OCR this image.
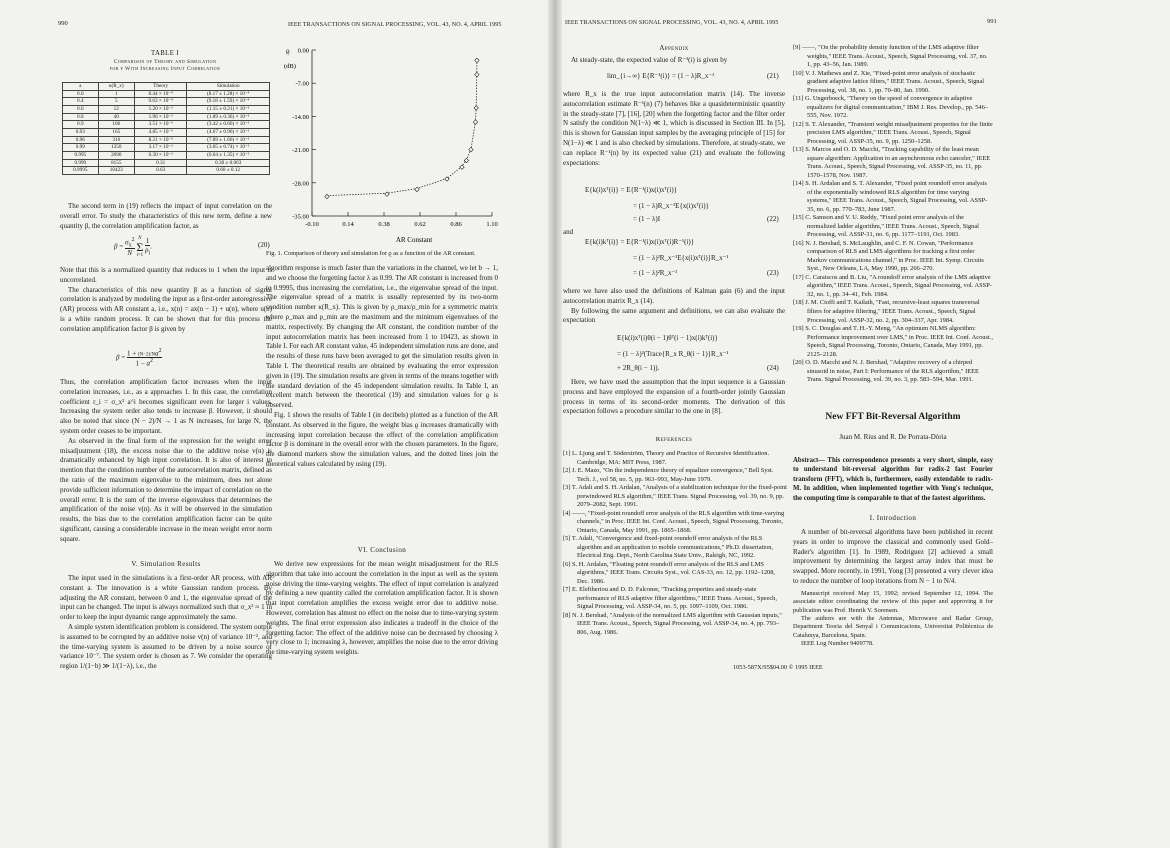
990	IEEE TRANSACTIONS ON SIGNAL PROCESSING, VOL. 43, NO. 4, APRIL 1995
TABLE I
Comparison of Theory and Simulation
for ϱ With Increasing Input Correlation
a	κ(R_x)	Theory	Simulation
0.0	1	8.44 × 10⁻⁴	(8.17 ± 1.28) × 10⁻⁴
0.4	5	9.63 × 10⁻⁴	(9.18 ± 1.59) × 10⁻⁴
0.6	12	1.20 × 10⁻³	(1.15 ± 0.21) × 10⁻³
0.8	40	1.96 × 10⁻³	(1.89 ± 0.36) × 10⁻³
0.9	106	3.51 × 10⁻³	(3.42 ± 0.66) × 10⁻³
0.93	165	4.85 × 10⁻³	(4.67 ± 0.96) × 10⁻³
0.96	316	8.21 × 10⁻³	(7.89 ± 1.66) × 10⁻³
0.99	1350	3.17 × 10⁻²	(3.05 ± 0.74) × 10⁻²
0.995	2690	6.30 × 10⁻²	(6.04 ± 1.35) × 10⁻²
0.999	8155	0.31	0.30 ± 0.063
0.9995	10423	0.63	0.60 ± 0.12
ϱ
(dB)
0.00
-7.00
-14.00
-21.00
-28.00
-35.00
-0.10	0.14	0.38	0.62	0.86	1.10
AR Constant
Fig. 1. Comparison of theory and simulation for ϱ as a function of the AR constant.

The second term in (19) reflects the impact of input correlation on the overall error. To study the characteristics of this new term, define a new quantity β, the correlation amplification factor, as

$\beta = \frac{\sigma_x^2}{N}$
N
Σ
i=1
$\frac{1}{\rho_i}$ .	(20)

Note that this is a normalized quantity that reduces to 1 when the input is uncorrelated.

The characteristics of this new quantity β as a function of signal correlation is analyzed by modeling the input as a first-order autoregressive (AR) process with AR constant a, i.e., x(n) = ax(n − 1) + u(n), where u(n) is a white random process. It can be shown that for this process the correlation amplification factor β is given by

$\beta = \frac{1 + (N-2)/Na^2}{1 - a^2}$

Thus, the correlation amplification factor increases when the input correlation increases, i.e., as a approaches 1. In this case, the correlation coefficient r_i = σ_x² a^i becomes significant even for larger i values. Increasing the system order also tends to increase β. However, it should also be noted that since (N − 2)/N → 1 as N increases, for large N, the system order ceases to be important.

As observed in the final form of the expression for the weight error misadjustment (18), the excess noise due to the additive noise v(n) is dramatically enhanced by high input correlation. It is also of interest to mention that the condition number of the autocorrelation matrix, defined as the ratio of the maximum eigenvalue to the minimum, does not alone provide sufficient information to determine the impact of correlation on the overall error. It is the sum of the inverse eigenvalues that determines the amplification of the noise v(n). As it will be observed in the simulation results, the bias due to the correlation amplification factor can be quite significant, causing a considerable increase in the mean weight error norm square.

V. Simulation Results

The input used in the simulations is a first-order AR process, with AR constant a. The innovation is a white Gaussian random process. By adjusting the AR constant, between 0 and 1, the eigenvalue spread of the input can be changed. The input is always normalized such that σ_x² ≈ 1 in order to keep the input dynamic range approximately the same.

A simple system identification problem is considered. The system output is assumed to be corrupted by an additive noise v(n) of variance 10⁻², and the time-varying system is assumed to be driven by a noise source of variance 10⁻⁷. The system order is chosen as 7. We consider the operating region 1/(1−b) ≫ 1/(1−λ), i.e., the

algorithm response is much faster than the variations in the channel, we let b → 1, and we choose the forgetting factor λ as 0.99. The AR constant is increased from 0 to 0.9995, thus increasing the correlation, i.e., the eigenvalue spread of the input. The eigenvalue spread of a matrix is usually represented by its two-norm condition number κ(R_x). This is given by ρ_max/ρ_min for a symmetric matrix where ρ_max and ρ_min are the maximum and the minimum eigenvalues of the matrix, respectively. By changing the AR constant, the condition number of the input autocorrelation matrix has been increased from 1 to 10423, as shown in Table I. For each AR constant value, 45 independent simulation runs are done, and the results of these runs have been averaged to get the simulation results given in Table I. The theoretical results are obtained by evaluating the error expression given in (19). The simulation results are given in terms of the means together with the standard deviation of the 45 independent simulation results. In Table I, an excellent match between the theoretical (19) and simulation values for ϱ is observed.

Fig. 1 shows the results of Table I (in decibels) plotted as a function of the AR constant. As observed in the figure, the weight bias ϱ increases dramatically with increasing input correlation because the effect of the correlation amplification factor β is dominant in the overall error with the chosen parameters. In the figure, the diamond markers show the simulation values, and the dotted lines join the theoretical values calculated by using (19).

VI. Conclusion

We derive new expressions for the mean weight misadjustment for the RLS algorithm that take into account the correlation in the input as well as the system noise driving the time-varying weights. The effect of input correlation is analyzed by defining a new quantity called the correlation amplification factor. It is shown that input correlation amplifies the excess weight error due to additive noise. However, correlation has almost no effect on the noise due to time-varying system weights. The final error expression also indicates a tradeoff in the choice of the forgetting factor: The effect of the additive noise can be decreased by choosing λ very close to 1; increasing λ, however, amplifies the noise due to the error driving the time-varying system weights.

IEEE TRANSACTIONS ON SIGNAL PROCESSING, VOL. 43, NO. 4, APRIL 1995	991
Appendix

At steady-state, the expected value of R⁻¹(i) is given by

lim_{i→∞} E{R⁻¹(i)} = (1 − λ)R_x⁻¹	(21)

where R_x is the true input autocorrelation matrix (14). The inverse autocorrelation estimate R⁻¹(n) (7) behaves like a quasideterministic quantity in the steady-state [7], [16], [20] when the forgetting factor and the filter order N satisfy the condition N(1−λ) ≪ 1, which is discussed in Section III. In [5], this is shown for Gaussian input samples by the averaging principle of [15] for N(1−λ) ≪ 1 and is also checked by simulations. Therefore, at steady-state, we can replace R⁻¹(n) by its expected value (21) and evaluate the following expectations:

E{k(i)xᵀ(i)} = E{R⁻¹(i)x(i)xᵀ(i)}
= (1 − λ)R_x⁻¹E{x(i)xᵀ(i)}
= (1 − λ)I	(22)
and
E{k(i)kᵀ(i)} = E{R⁻¹(i)x(i)xᵀ(i)R⁻¹(i)}
= (1 − λ)²R_x⁻¹E{x(i)xᵀ(i)}R_x⁻¹
= (1 − λ)²R_x⁻¹	(23)

where we have also used the definitions of Kalman gain (6) and the input autocorrelation matrix R_x (14).

By following the same argument and definitions, we can also evaluate the expectation

E{k(i)xᵀ(i)θ(i − 1)θᵀ(i − 1)x(i)kᵀ(i)}
= (1 − λ)²(Trace{R_x R_θ(i − 1)}R_x⁻¹
+ 2R_θ(i − 1)).	(24)

Here, we have used the assumption that the input sequence is a Gaussian process and have employed the expansion of a fourth-order jointly Gaussian process in terms of its second-order moments. The derivation of this expectation follows a procedure similar to the one in [8].

References
[1] L. Ljung and T. Söderström, Theory and Practice of Recursive Identification. Cambridge, MA: MIT Press, 1987.
[2] J. E. Mazo, "On the independence theory of equalizer convergence," Bell Syst. Tech. J., vol 58, no. 5, pp. 963–993, May-June 1979.
[3] T. Adali and S. H. Ardalan, "Analysis of a stabilization technique for the fixed-point prewindowed RLS algorithm," IEEE Trans. Signal Processing, vol. 39, no. 9, pp. 2079–2082, Sept. 1991.
[4] ——, "Fixed-point roundoff error analysis of the RLS algorithm with time-varying channels," in Proc. IEEE Int. Conf. Acoust., Speech, Signal Processing, Toronto, Ontario, Canada, May 1991, pp. 1865–1868.
[5] T. Adali, "Convergence and fixed-point roundoff error analysis of the RLS algorithm and an application to mobile communications," Ph.D. dissertation, Electrical Eng. Dept., North Carolina State Univ., Raleigh, NC, 1992.
[6] S. H. Ardalan, "Floating point roundoff error analysis of the RLS and LMS algorithms," IEEE Trans. Circuits Syst., vol. CAS-33, no. 12, pp. 1192–1208, Dec. 1986.
[7] E. Eleftheriou and D. D. Falconer, "Tracking properties and steady-state performance of RLS adaptive filter algorithms," IEEE Trans. Acoust., Speech, Signal Processing, vol. ASSP-34, no. 5, pp. 1097–1109, Oct. 1986.
[8] N. J. Bershad, "Analysis of the normalized LMS algorithm with Gaussian inputs," IEEE Trans. Acoust., Speech, Signal Processing, vol. ASSP-34, no. 4, pp. 793–806, Aug. 1986.
[9] ——, "On the probability density function of the LMS adaptive filter weights," IEEE Trans. Acoust., Speech, Signal Processing, vol. 37, no. 1, pp. 43–56, Jan. 1989.
[10] V. J. Mathews and Z. Xie, "Fixed-point error analysis of stochastic gradient adaptive lattice filters," IEEE Trans. Acoust., Speech, Signal Processing, vol. 38, no. 1, pp. 70–80, Jan. 1990.
[11] G. Ungerboeck, "Theory on the speed of convergence in adaptive equalizers for digital communication," IBM J. Res. Develop., pp. 546–555, Nov. 1972.
[12] S. T. Alexander, "Transient weight misadjustment properties for the finite precision LMS algorithm," IEEE Trans. Acoust., Speech, Signal Processing, vol. ASSP-35, no. 9, pp. 1250–1258.
[13] S. Marcos and O. D. Macchi, "Tracking capability of the least mean square algorithm: Application to an asynchronous echo canceler," IEEE Trans. Acoust., Speech, Signal Processing, vol. ASSP-35, no. 11, pp. 1570–1578, Nov. 1987.
[14] S. H. Ardalan and S. T. Alexander, "Fixed point roundoff error analysis of the exponentially windowed RLS algorithm for time varying systems," IEEE Trans. Acoust., Speech, Signal Processing, vol. ASSP-35, no. 6, pp. 770–783, June 1987.
[15] C. Samson and V. U. Reddy, "Fixed point error analysis of the normalized ladder algorithm," IEEE Trans. Acoust., Speech, Signal Processing, vol. ASSP-31, no. 6, pp. 1177–1191, Oct. 1983.
[16] N. J. Bershad, S. McLaughlin, and C. F. N. Cowan, "Performance comparison of RLS and LMS algorithms for tracking a first order Markov communications channel," in Proc. IEEE Int. Symp. Circuits Syst., New Orleans, LA, May 1990, pp. 266–270.
[17] C. Caraiscos and B. Liu, "A roundoff error analysis of the LMS adaptive algorithm," IEEE Trans. Acoust., Speech, Signal Processing, vol. ASSP-32, no. 1, pp. 34–41, Feb. 1984.
[18] J. M. Cioffi and T. Kailath, "Fast, recursive-least squares transversal filters for adaptive filtering," IEEE Trans. Acoust., Speech, Signal Processing, vol. ASSP-32, no. 2, pp. 304–337, Apr. 1984.
[19] S. C. Douglas and T. H.-Y. Meng, "An optimum NLMS algorithm: Performance improvement over LMS," in Proc. IEEE Int. Conf. Acoust., Speech, Signal Processing, Toronto, Ontario, Canada, May 1991, pp. 2125–2128.
[20] O. D. Macchi and N. J. Bershad, "Adaptive recovery of a chirped sinusoid in noise, Part I: Performance of the RLS algorithm," IEEE Trans. Signal Processing, vol. 39, no. 3, pp. 583–594, Mar. 1991.
New FFT Bit-Reversal Algorithm
Juan M. Rius and R. De Porrata-Dòria
Abstract— This correspondence presents a very short, simple, easy to understand bit-reversal algorithm for radix-2 fast Fourier transform (FFT), which is, furthermore, easily extendable to radix-M. In addition, when implemented together with Yong's technique, the computing time is comparable to that of the fastest algorithms.
I. Introduction

A number of bit-reversal algorithms have been published in recent years in order to improve the classical and commonly used Gold–Rader's algorithm [1]. In 1989, Rodriguez [2] achieved a small improvement by determining the largest array index that must be swapped. More recently, in 1991, Yong [3] presented a very clever idea to reduce the number of loop iterations from N − 1 to N/4.

Manuscript received May 15, 1992; revised September 12, 1994. The associate editor coordinating the review of this paper and approving it for publication was Prof. Henrik V. Sorensen.

The authors are with the Antennas, Microwave and Radar Group, Department Teoria del Senyal i Comunicacions, Universitat Politècnica de Catalunya, Barcelona, Spain.

IEEE Log Number 9409778.

1053-587X/95$04.00 © 1995 IEEE
